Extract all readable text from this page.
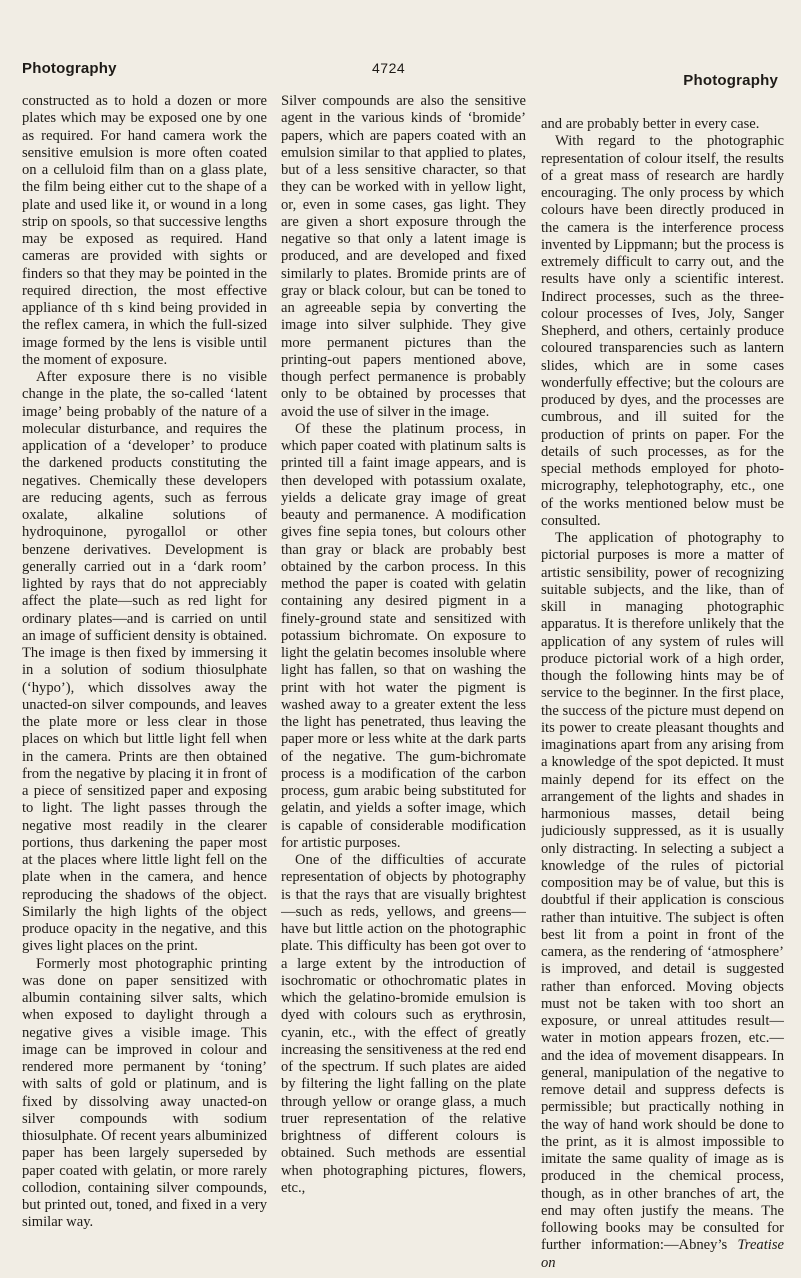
Photography	4724
Photography

constructed as to hold a dozen or more plates which may be exposed one by one as required. For hand camera work the sensitive emulsion is more often coated on a celluloid film than on a glass plate, the film being either cut to the shape of a plate and used like it, or wound in a long strip on spools, so that successive lengths may be exposed as required. Hand cameras are provided with sights or finders so that they may be pointed in the required direction, the most effective appliance of th s kind being provided in the reflex camera, in which the full-sized image formed by the lens is visible until the moment of exposure.

After exposure there is no visible change in the plate, the so-called ‘latent image’ being probably of the nature of a molecular disturbance, and requires the application of a ‘developer’ to produce the darkened products constituting the negatives. Chemically these developers are reducing agents, such as ferrous oxalate, alkaline solutions of hydroquinone, pyrogallol or other benzene derivatives. Development is generally carried out in a ‘dark room’ lighted by rays that do not appreciably affect the plate—such as red light for ordinary plates—and is carried on until an image of sufficient density is obtained. The image is then fixed by immersing it in a solution of sodium thiosulphate (‘hypo’), which dissolves away the unacted-on silver compounds, and leaves the plate more or less clear in those places on which but little light fell when in the camera. Prints are then obtained from the negative by placing it in front of a piece of sensitized paper and exposing to light. The light passes through the negative most readily in the clearer portions, thus darkening the paper most at the places where little light fell on the plate when in the camera, and hence reproducing the shadows of the object. Similarly the high lights of the object produce opacity in the negative, and this gives light places on the print.

Formerly most photographic printing was done on paper sensitized with albumin containing silver salts, which when exposed to daylight through a negative gives a visible image. This image can be improved in colour and rendered more permanent by ‘toning’ with salts of gold or platinum, and is fixed by dissolving away unacted-on silver compounds with sodium thiosulphate. Of recent years albuminized paper has been largely superseded by paper coated with gelatin, or more rarely collodion, containing silver compounds, but printed out, toned, and fixed in a very similar way.

Silver compounds are also the sensitive agent in the various kinds of ‘bromide’ papers, which are papers coated with an emulsion similar to that applied to plates, but of a less sensitive character, so that they can be worked with in yellow light, or, even in some cases, gas light. They are given a short exposure through the negative so that only a latent image is produced, and are developed and fixed similarly to plates. Bromide prints are of gray or black colour, but can be toned to an agreeable sepia by converting the image into silver sulphide. They give more permanent pictures than the printing-out papers mentioned above, though perfect permanence is probably only to be obtained by processes that avoid the use of silver in the image.

Of these the platinum process, in which paper coated with platinum salts is printed till a faint image appears, and is then developed with potassium oxalate, yields a delicate gray image of great beauty and permanence. A modification gives fine sepia tones, but colours other than gray or black are probably best obtained by the carbon process. In this method the paper is coated with gelatin containing any desired pigment in a finely-ground state and sensitized with potassium bichromate. On exposure to light the gelatin becomes insoluble where light has fallen, so that on washing the print with hot water the pigment is washed away to a greater extent the less the light has penetrated, thus leaving the paper more or less white at the dark parts of the negative. The gum-bichromate process is a modification of the carbon process, gum arabic being substituted for gelatin, and yields a softer image, which is capable of considerable modification for artistic purposes.

One of the difficulties of accurate representation of objects by photography is that the rays that are visually brightest—such as reds, yellows, and greens—have but little action on the photographic plate. This difficulty has been got over to a large extent by the introduction of isochromatic or othochromatic plates in which the gelatino-bromide emulsion is dyed with colours such as erythrosin, cyanin, etc., with the effect of greatly increasing the sensitiveness at the red end of the spectrum. If such plates are aided by filtering the light falling on the plate through yellow or orange glass, a much truer representation of the relative brightness of different colours is obtained. Such methods are essential when photographing pictures, flowers, etc.,

and are probably better in every case.

With regard to the photographic representation of colour itself, the results of a great mass of research are hardly encouraging. The only process by which colours have been directly produced in the camera is the interference process invented by Lippmann; but the process is extremely difficult to carry out, and the results have only a scientific interest. Indirect processes, such as the three-colour processes of Ives, Joly, Sanger Shepherd, and others, certainly produce coloured transparencies such as lantern slides, which are in some cases wonderfully effective; but the colours are produced by dyes, and the processes are cumbrous, and ill suited for the production of prints on paper. For the details of such processes, as for the special methods employed for photo-micrography, telephotography, etc., one of the works mentioned below must be consulted.

The application of photography to pictorial purposes is more a matter of artistic sensibility, power of recognizing suitable subjects, and the like, than of skill in managing photographic apparatus. It is therefore unlikely that the application of any system of rules will produce pictorial work of a high order, though the following hints may be of service to the beginner. In the first place, the success of the picture must depend on its power to create pleasant thoughts and imaginations apart from any arising from a knowledge of the spot depicted. It must mainly depend for its effect on the arrangement of the lights and shades in harmonious masses, detail being judiciously suppressed, as it is usually only distracting. In selecting a subject a knowledge of the rules of pictorial composition may be of value, but this is doubtful if their application is conscious rather than intuitive. The subject is often best lit from a point in front of the camera, as the rendering of ‘atmosphere’ is improved, and detail is suggested rather than enforced. Moving objects must not be taken with too short an exposure, or unreal attitudes result—water in motion appears frozen, etc.—and the idea of movement disappears. In general, manipulation of the negative to remove detail and suppress defects is permissible; but practically nothing in the way of hand work should be done to the print, as it is almost impossible to imitate the same quality of image as is produced in the chemical process, though, as in other branches of art, the end may often justify the means. The following books may be consulted for further information:—Abney’s Treatise on
